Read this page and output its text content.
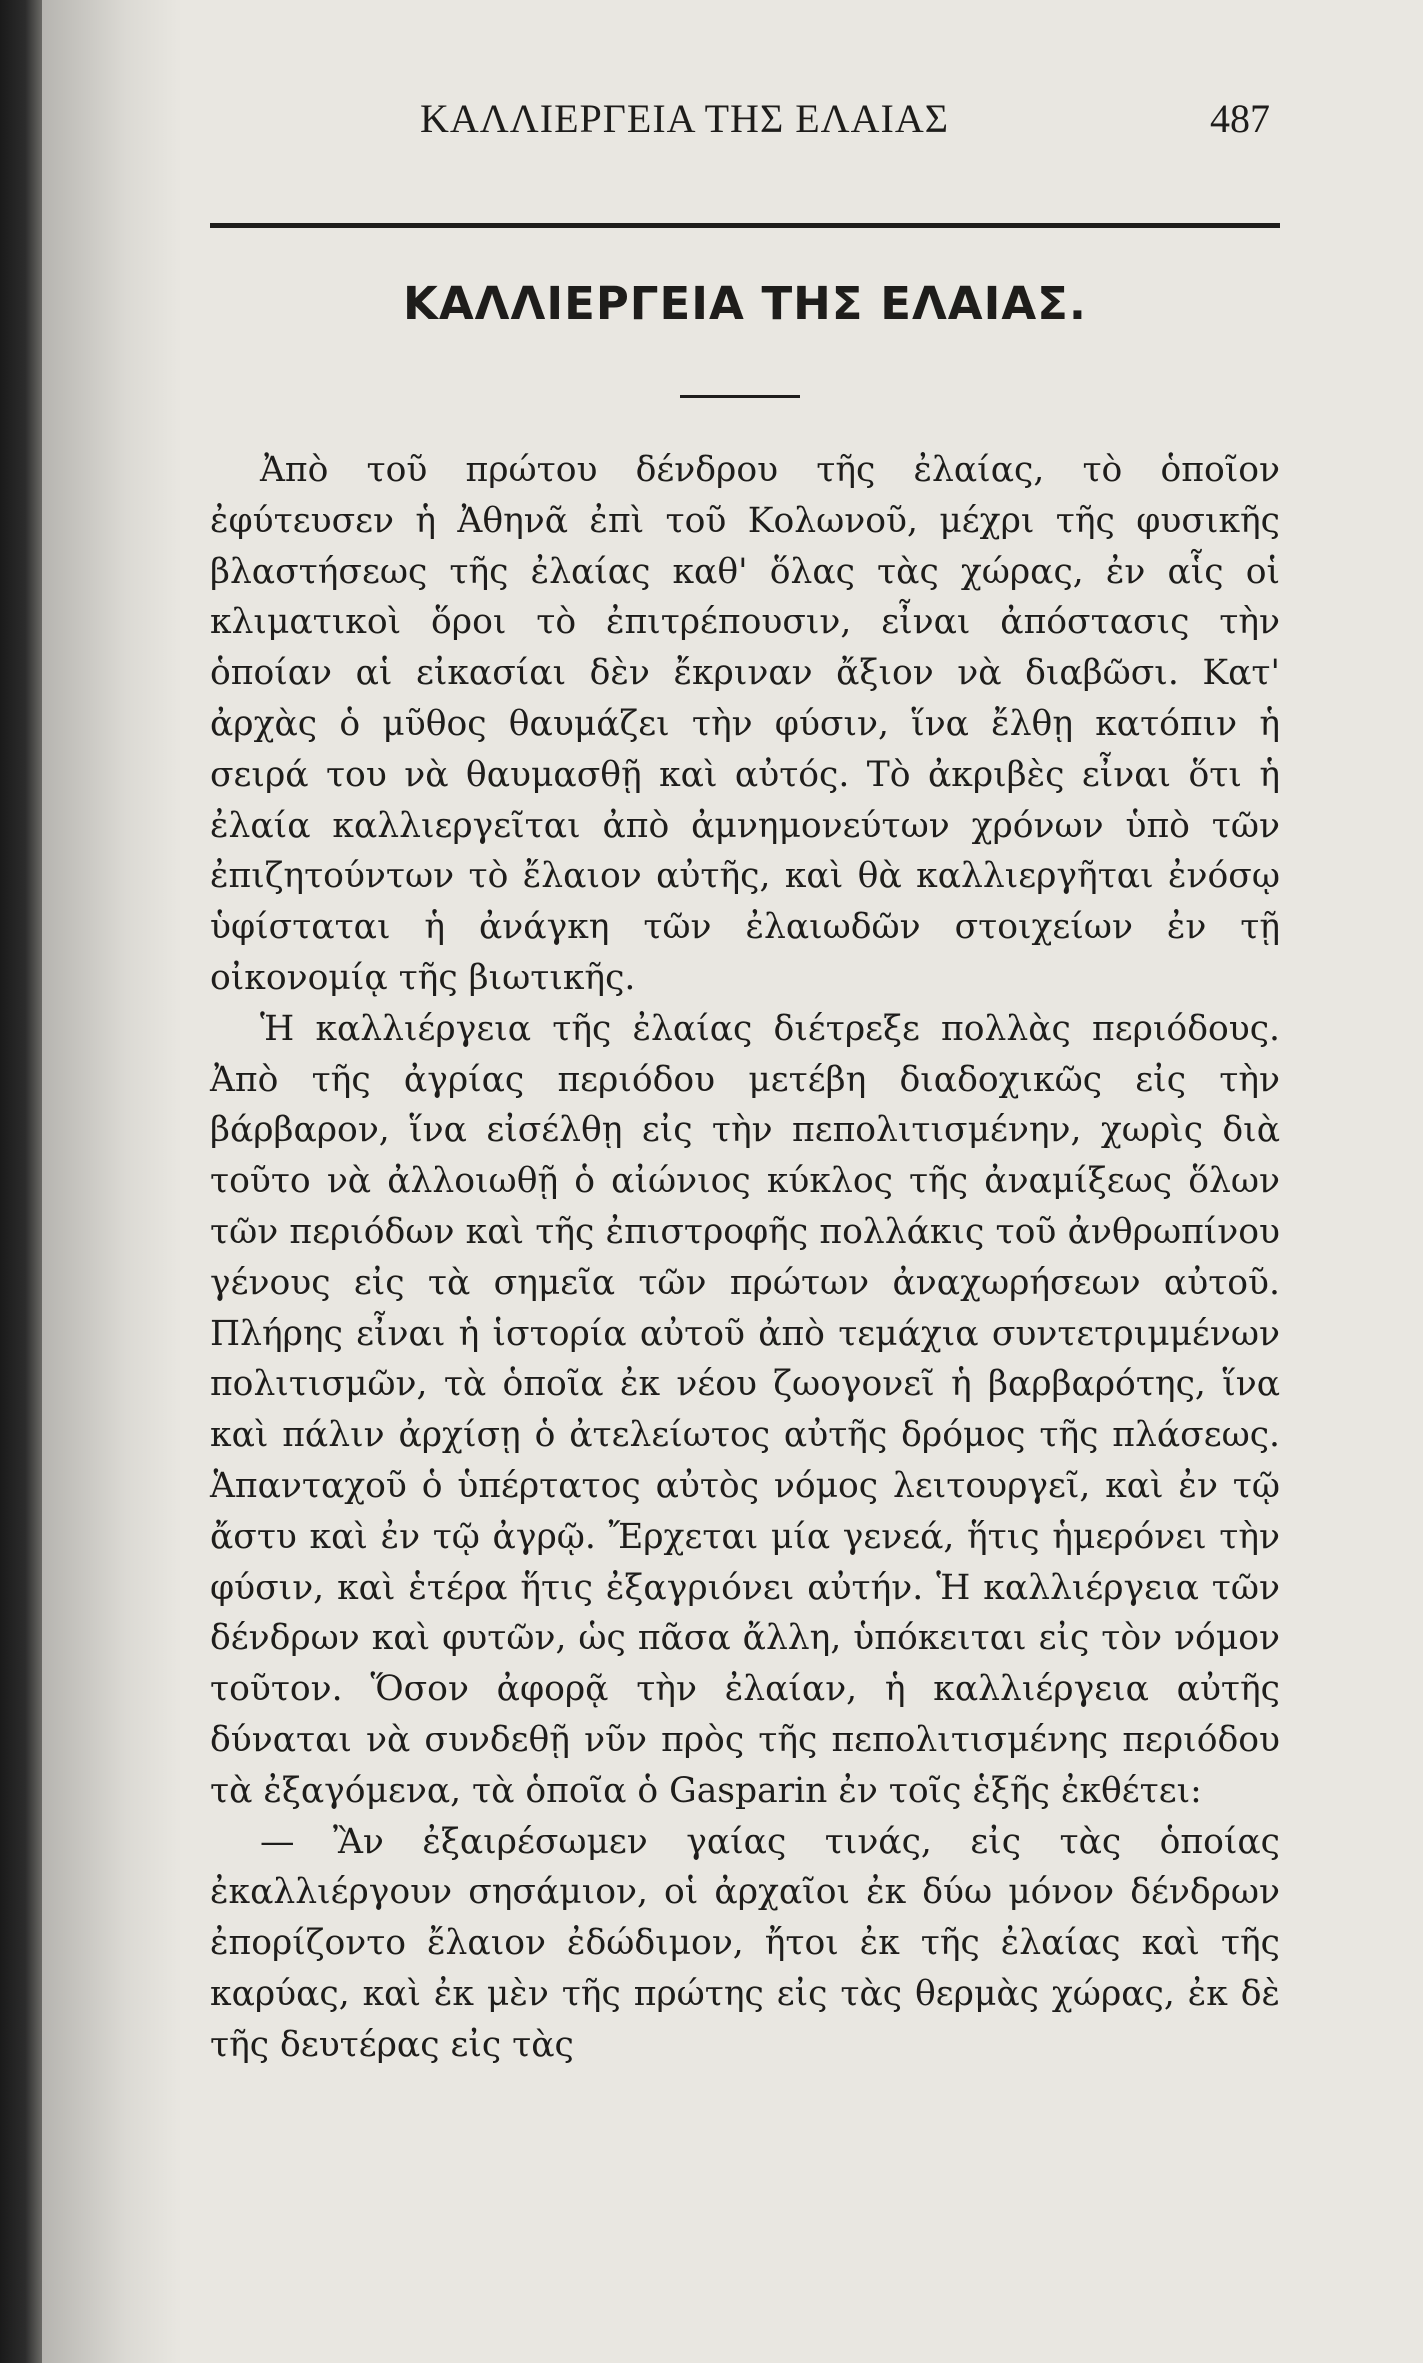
ΚΑΛΛΙΕΡΓΕΙΑ ΤΗΣ ΕΛΑΙΑΣ	487
ΚΑΛΛΙΕΡΓΕΙΑ ΤΗΣ ΕΛΑΙΑΣ.

Ἀπὸ τοῦ πρώτου δένδρου τῆς ἐλαίας, τὸ ὁποῖον ἐφύτευσεν ἡ Ἀθηνᾶ ἐπὶ τοῦ Κολωνοῦ, μέχρι τῆς φυσικῆς βλαστήσεως τῆς ἐλαίας καθ' ὅλας τὰς χώρας, ἐν αἷς οἱ κλιματικοὶ ὅροι τὸ ἐπιτρέπουσιν, εἶναι ἀπόστασις τὴν ὁποίαν αἱ εἰκασίαι δὲν ἔκριναν ἄξιον νὰ διαβῶσι. Κατ' ἀρχὰς ὁ μῦθος θαυμάζει τὴν φύσιν, ἵνα ἔλθῃ κατόπιν ἡ σειρά του νὰ θαυμασθῇ καὶ αὐτός. Τὸ ἀκριβὲς εἶναι ὅτι ἡ ἐλαία καλλιεργεῖται ἀπὸ ἀμνημονεύτων χρόνων ὑπὸ τῶν ἐπιζητούντων τὸ ἔλαιον αὐτῆς, καὶ θὰ καλλιεργῆται ἐνόσῳ ὑφίσταται ἡ ἀνάγκη τῶν ἐλαιωδῶν στοιχείων ἐν τῇ οἰκονομίᾳ τῆς βιωτικῆς.

Ἡ καλλιέργεια τῆς ἐλαίας διέτρεξε πολλὰς περιόδους. Ἀπὸ τῆς ἀγρίας περιόδου μετέβη διαδοχικῶς εἰς τὴν βάρβαρον, ἵνα εἰσέλθῃ εἰς τὴν πεπολιτισμένην, χωρὶς διὰ τοῦτο νὰ ἀλλοιωθῇ ὁ αἰώνιος κύκλος τῆς ἀναμίξεως ὅλων τῶν περιόδων καὶ τῆς ἐπιστροφῆς πολλάκις τοῦ ἀνθρωπίνου γένους εἰς τὰ σημεῖα τῶν πρώτων ἀναχωρήσεων αὐτοῦ. Πλήρης εἶναι ἡ ἱστορία αὐτοῦ ἀπὸ τεμάχια συντετριμμένων πολιτισμῶν, τὰ ὁποῖα ἐκ νέου ζωογονεῖ ἡ βαρβαρότης, ἵνα καὶ πάλιν ἀρχίσῃ ὁ ἀτελείωτος αὐτῆς δρόμος τῆς πλάσεως. Ἁπανταχοῦ ὁ ὑπέρτατος αὐτὸς νόμος λειτουργεῖ, καὶ ἐν τῷ ἄστυ καὶ ἐν τῷ ἀγρῷ. Ἔρχεται μία γενεά, ἥτις ἡμερόνει τὴν φύσιν, καὶ ἑτέρα ἥτις ἐξαγριόνει αὐτήν. Ἡ καλλιέργεια τῶν δένδρων καὶ φυτῶν, ὡς πᾶσα ἄλλη, ὑπόκειται εἰς τὸν νόμον τοῦτον. Ὅσον ἀφορᾷ τὴν ἐλαίαν, ἡ καλλιέργεια αὐτῆς δύναται νὰ συνδεθῇ νῦν πρὸς τῆς πεπολιτισμένης περιόδου τὰ ἐξαγόμενα, τὰ ὁποῖα ὁ Gasparin ἐν τοῖς ἑξῆς ἐκθέτει:

— Ἂν ἐξαιρέσωμεν γαίας τινάς, εἰς τὰς ὁποίας ἐκαλλιέργουν σησάμιον, οἱ ἀρχαῖοι ἐκ δύω μόνον δένδρων ἐπορίζοντο ἔλαιον ἐδώδιμον, ἤτοι ἐκ τῆς ἐλαίας καὶ τῆς καρύας, καὶ ἐκ μὲν τῆς πρώτης εἰς τὰς θερμὰς χώρας, ἐκ δὲ τῆς δευτέρας εἰς τὰς
